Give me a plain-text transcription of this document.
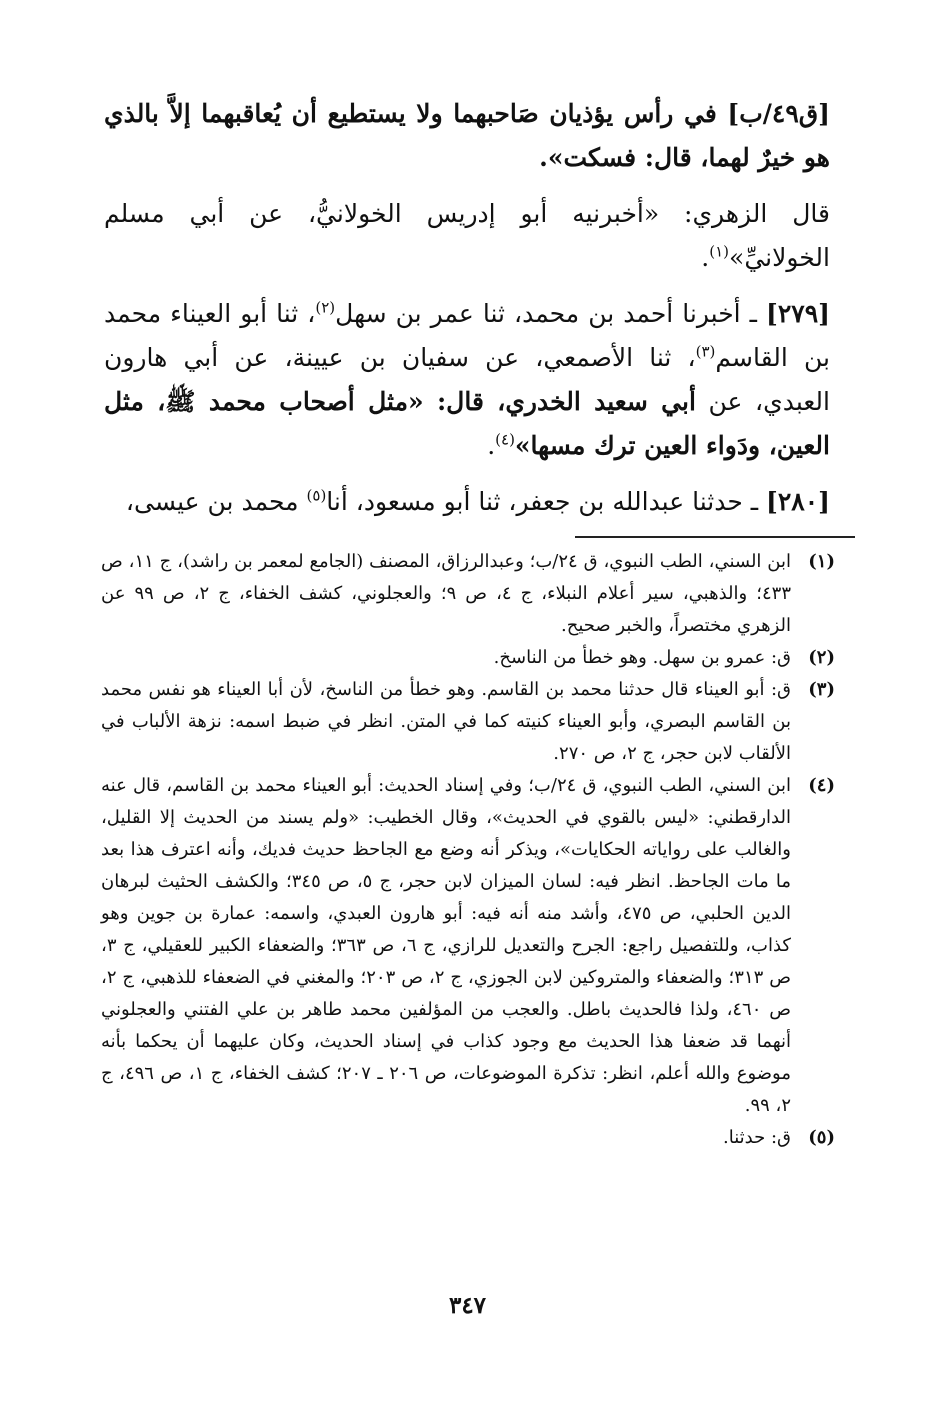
[ق٤٩/ب] في رأس يؤذيان صَاحبهما ولا يستطيع أن يُعاقبهما إلاَّ بالذي هو خيرٌ لهما، قال: فسكت».

قال الزهري: «أخبرنيه أبو إدريس الخولانيُّ، عن أبي مسلم الخولانيِّ»$^{(١)}$.

[٢٧٩] ـ أخبرنا أحمد بن محمد، ثنا عمر بن سهل$^{(٢)}$، ثنا أبو العيناء محمد بن القاسم$^{(٣)}$، ثنا الأصمعي، عن سفيان بن عيينة، عن أبي هارون العبدي، عن أبي سعيد الخدري، قال: «مثل أصحاب محمد ﷺ، مثل العين، ودَواء العين ترك مسها»$^{(٤)}$.

[٢٨٠] ـ حدثنا عبدالله بن جعفر، ثنا أبو مسعود، أنا$^{(٥)}$ محمد بن عيسى،

(١)
ابن السني، الطب النبوي، ق ٢٤/ب؛ وعبدالرزاق، المصنف (الجامع لمعمر بن راشد)، ج ١١، ص ٤٣٣؛ والذهبي، سير أعلام النبلاء، ج ٤، ص ٩؛ والعجلوني، كشف الخفاء، ج ٢، ص ٩٩ عن الزهري مختصراً، والخبر صحيح.
(٢)
ق: عمرو بن سهل. وهو خطأ من الناسخ.
(٣)
ق: أبو العيناء قال حدثنا محمد بن القاسم. وهو خطأ من الناسخ، لأن أبا العيناء هو نفس محمد بن القاسم البصري، وأبو العيناء كنيته كما في المتن. انظر في ضبط اسمه: نزهة الألباب في الألقاب لابن حجر، ج ٢، ص ٢٧٠.
(٤)
ابن السني، الطب النبوي، ق ٢٤/ب؛ وفي إسناد الحديث: أبو العيناء محمد بن القاسم، قال عنه الدارقطني: «ليس بالقوي في الحديث»، وقال الخطيب: «ولم يسند من الحديث إلا القليل، والغالب على رواياته الحكايات»، ويذكر أنه وضع مع الجاحظ حديث فديك، وأنه اعترف هذا بعد ما مات الجاحظ. انظر فيه: لسان الميزان لابن حجر، ج ٥، ص ٣٤٥؛ والكشف الحثيث لبرهان الدين الحلبي، ص ٤٧٥، وأشد منه أنه فيه: أبو هارون العبدي، واسمه: عمارة بن جوين وهو كذاب، وللتفصيل راجع: الجرح والتعديل للرازي، ج ٦، ص ٣٦٣؛ والضعفاء الكبير للعقيلي، ج ٣، ص ٣١٣؛ والضعفاء والمتروكين لابن الجوزي، ج ٢، ص ٢٠٣؛ والمغني في الضعفاء للذهبي، ج ٢، ص ٤٦٠، ولذا فالحديث باطل. والعجب من المؤلفين محمد طاهر بن علي الفتني والعجلوني أنهما قد ضعفا هذا الحديث مع وجود كذاب في إسناد الحديث، وكان عليهما أن يحكما بأنه موضوع والله أعلم، انظر: تذكرة الموضوعات، ص ٢٠٦ ـ ٢٠٧؛ كشف الخفاء، ج ١، ص ٤٩٦، ج ٢، ٩٩.
(٥)
ق: حدثنا.
٣٤٧
